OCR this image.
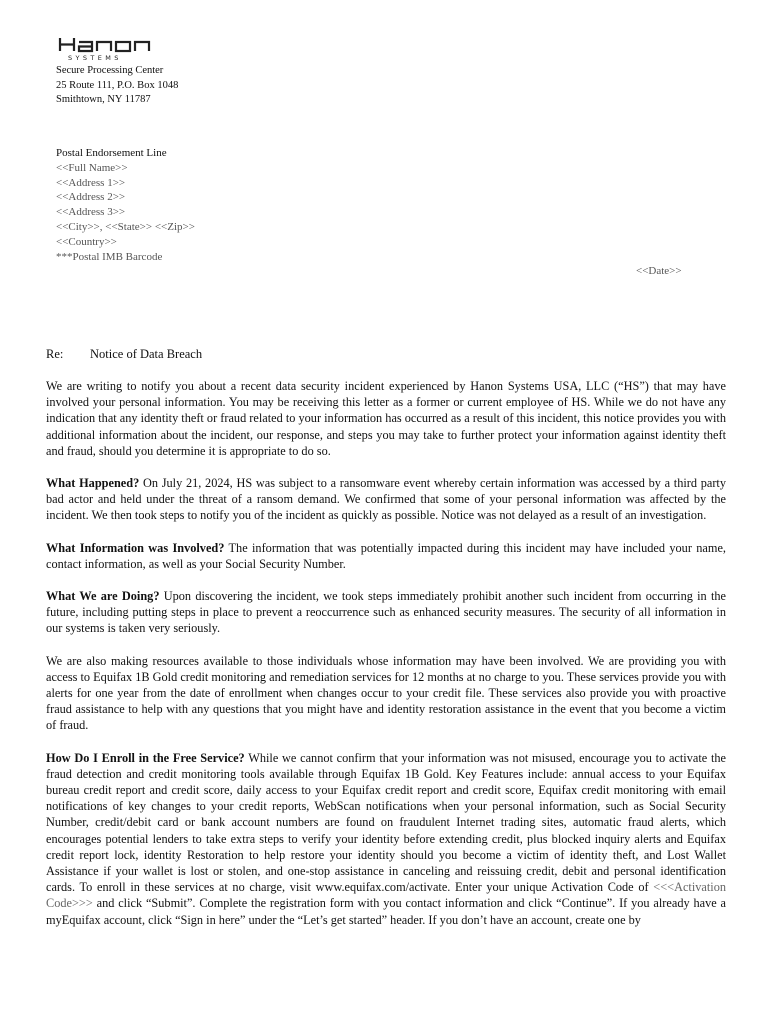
SYSTEMS
Secure Processing Center
25 Route 111, P.O. Box 1048
Smithtown, NY 11787
Postal Endorsement Line
<<Full Name>>
<<Address 1>>
<<Address 2>>
<<Address 3>>
<<City>>, <<State>> <<Zip>>
<<Country>>
***Postal IMB Barcode
<<Date>>
Re: Notice of Data Breach

We are writing to notify you about a recent data security incident experienced by Hanon Systems USA, LLC (“HS”) that may have involved your personal information. You may be receiving this letter as a former or current employee of HS. While we do not have any indication that any identity theft or fraud related to your information has occurred as a result of this incident, this notice provides you with additional information about the incident, our response, and steps you may take to further protect your information against identity theft and fraud, should you determine it is appropriate to do so.

What Happened? On July 21, 2024, HS was subject to a ransomware event whereby certain information was accessed by a third party bad actor and held under the threat of a ransom demand. We confirmed that some of your personal information was affected by the incident. We then took steps to notify you of the incident as quickly as possible. Notice was not delayed as a result of an investigation.

What Information was Involved? The information that was potentially impacted during this incident may have included your name, contact information, as well as your Social Security Number.

What We are Doing? Upon discovering the incident, we took steps immediately prohibit another such incident from occurring in the future, including putting steps in place to prevent a reoccurrence such as enhanced security measures. The security of all information in our systems is taken very seriously.

We are also making resources available to those individuals whose information may have been involved. We are providing you with access to Equifax 1B Gold credit monitoring and remediation services for 12 months at no charge to you. These services provide you with alerts for one year from the date of enrollment when changes occur to your credit file. These services also provide you with proactive fraud assistance to help with any questions that you might have and identity restoration assistance in the event that you become a victim of fraud.

How Do I Enroll in the Free Service? While we cannot confirm that your information was not misused, encourage you to activate the fraud detection and credit monitoring tools available through Equifax 1B Gold. Key Features include: annual access to your Equifax bureau credit report and credit score, daily access to your Equifax credit report and credit score, Equifax credit monitoring with email notifications of key changes to your credit reports, WebScan notifications when your personal information, such as Social Security Number, credit/debit card or bank account numbers are found on fraudulent Internet trading sites, automatic fraud alerts, which encourages potential lenders to take extra steps to verify your identity before extending credit, plus blocked inquiry alerts and Equifax credit report lock, identity Restoration to help restore your identity should you become a victim of identity theft, and Lost Wallet Assistance if your wallet is lost or stolen, and one-stop assistance in canceling and reissuing credit, debit and personal identification cards. To enroll in these services at no charge, visit www.equifax.com/activate. Enter your unique Activation Code of <<<Activation Code>>> and click “Submit”. Complete the registration form with you contact information and click “Continue”. If you already have a myEquifax account, click “Sign in here” under the “Let’s get started” header. If you don’t have an account, create one by
